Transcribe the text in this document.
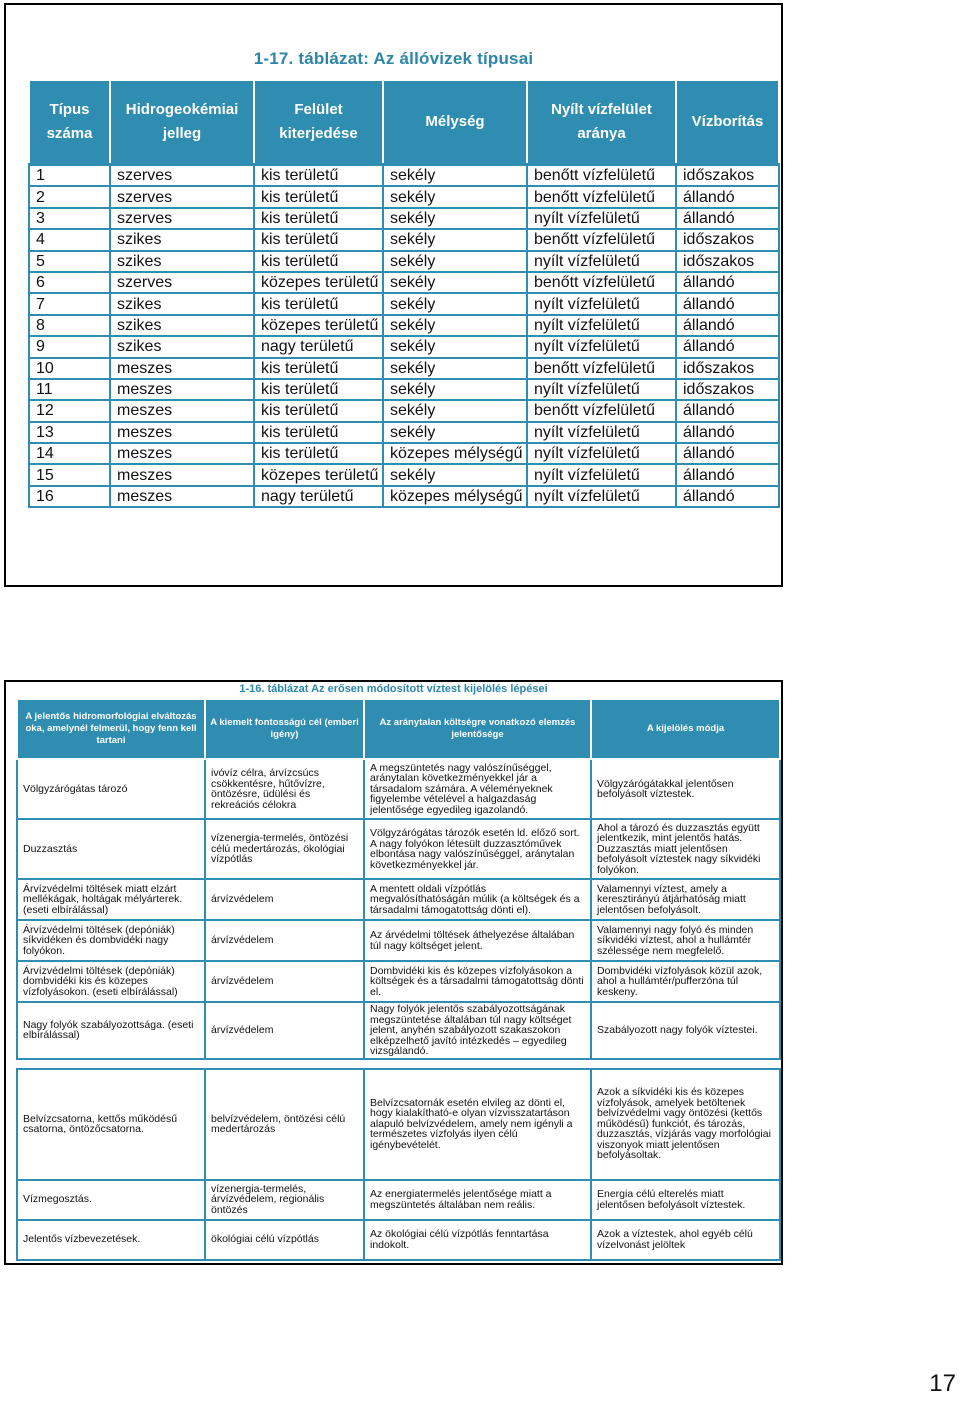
1-17. táblázat: Az állóvizek típusai
Típus száma	Hidrogeokémiai jelleg	Felület kiterjedése	Mélység	Nyílt vízfelület aránya	Vízborítás
1	szerves	kis területű	sekély	benőtt vízfelületű	időszakos
2	szerves	kis területű	sekély	benőtt vízfelületű	állandó
3	szerves	kis területű	sekély	nyílt vízfelületű	állandó
4	szikes	kis területű	sekély	benőtt vízfelületű	időszakos
5	szikes	kis területű	sekély	nyílt vízfelületű	időszakos
6	szerves	közepes területű	sekély	benőtt vízfelületű	állandó
7	szikes	kis területű	sekély	nyílt vízfelületű	állandó
8	szikes	közepes területű	sekély	nyílt vízfelületű	állandó
9	szikes	nagy területű	sekély	nyílt vízfelületű	állandó
10	meszes	kis területű	sekély	benőtt vízfelületű	időszakos
11	meszes	kis területű	sekély	nyílt vízfelületű	időszakos
12	meszes	kis területű	sekély	benőtt vízfelületű	állandó
13	meszes	kis területű	sekély	nyílt vízfelületű	állandó
14	meszes	kis területű	közepes mélységű	nyílt vízfelületű	állandó
15	meszes	közepes területű	sekély	nyílt vízfelületű	állandó
16	meszes	nagy területű	közepes mélységű	nyílt vízfelületű	állandó
1-16. táblázat Az erősen módosított víztest kijelölés lépései
A jelentős hidromorfológiai elváltozás oka, amelynél felmerül, hogy fenn kell tartani	A kiemelt fontosságú cél (emberi igény)	Az aránytalan költségre vonatkozó elemzés jelentősége	A kijelölés módja
Völgyzárógátas tározó	ivóvíz célra, árvízcsúcs csökkentésre, hűtővízre, öntözésre, üdülési és rekreációs célokra	A megszüntetés nagy valószínűséggel, aránytalan következményekkel jár a társadalom számára. A véleményeknek figyelembe vételével a halgazdaság jelentősége egyedileg igazolandó.	Völgyzárógátakkal jelentősen befolyásolt víztestek.
Duzzasztás	vízenergia-termelés, öntözési célú medertározás, ökológiai vízpótlás	Völgyzárógátas tározók esetén ld. előző sort. A nagy folyókon létesült duzzasztóművek elbontása nagy valószínűséggel, aránytalan következményekkel jár.	Ahol a tározó és duzzasztás együtt jelentkezik, mint jelentős hatás. Duzzasztás miatt jelentősen befolyásolt víztestek nagy síkvidéki folyókon.
Árvízvédelmi töltések miatt elzárt mellékágak, holtágak mélyárterek. (eseti elbírálással)	árvízvédelem	A mentett oldali vízpótlás megvalósíthatóságán múlik (a költségek és a társadalmi támogatottság dönti el).	Valamennyi víztest, amely a keresztirányú átjárhatóság miatt jelentősen befolyásolt.
Árvízvédelmi töltések (depóniák) síkvidéken és dombvidéki nagy folyókon.	árvízvédelem	Az árvédelmi töltések áthelyezése általában túl nagy költséget jelent.	Valamennyi nagy folyó és minden síkvidéki víztest, ahol a hullámtér szélessége nem megfelelő.
Árvízvédelmi töltések (depóniák) dombvidéki kis és közepes vízfolyásokon. (eseti elbírálással)	árvízvédelem	Dombvidéki kis és közepes vízfolyásokon a költségek és a társadalmi támogatottság dönti el.	Dombvidéki vízfolyások közül azok, ahol a hullámtér/pufferzóna túl keskeny.
Nagy folyók szabályozottsága. (eseti elbírálással)	árvízvédelem	Nagy folyók jelentős szabályozottságának megszüntetése általában túl nagy költséget jelent, anyhén szabályozott szakaszokon elképzelhető javító intézkedés – egyedileg vizsgálandó.	Szabályozott nagy folyók víztestei.

Belvízcsatorna, kettős működésű csatorna, öntözőcsatorna.	belvízvédelem, öntözési célú medertározás	Belvízcsatornák esetén elvileg az dönti el, hogy kialakítható-e olyan vízvisszatartáson alapuló belvízvédelem, amely nem igényli a természetes vízfolyás ilyen célú igénybevételét.	Azok a síkvidéki kis és közepes vízfolyások, amelyek betöltenek belvízvédelmi vagy öntözési (kettős működésű) funkciót, és tározás, duzzasztás, vízjárás vagy morfológiai viszonyok miatt jelentősen befolyásoltak.
Vízmegosztás.	vízenergia-termelés, árvízvédelem, regionális öntözés	Az energiatermelés jelentősége miatt a megszüntetés általában nem reális.	Energia célú elterelés miatt jelentősen befolyásolt víztestek.
Jelentős vízbevezetések.	ökológiai célú vízpótlás	Az ökológiai célú vízpótlás fenntartása indokolt.	Azok a víztestek, ahol egyéb célú vízelvonást jelöltek
17
